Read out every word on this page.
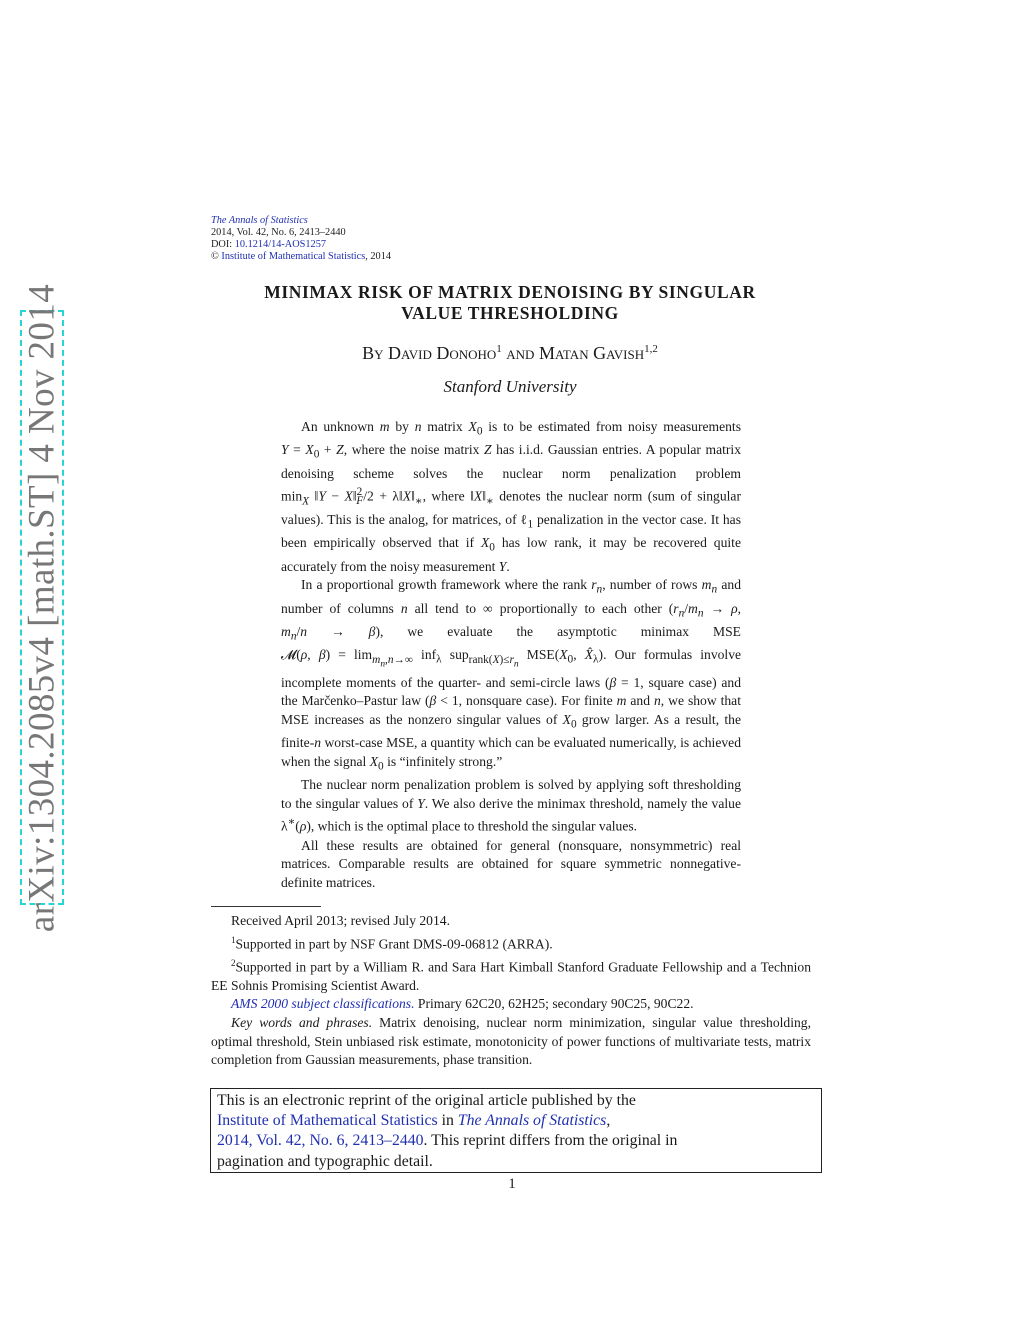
arXiv:1304.2085v4 [math.ST] 4 Nov 2014
The Annals of Statistics
2014, Vol. 42, No. 6, 2413–2440
DOI: 10.1214/14-AOS1257
© Institute of Mathematical Statistics, 2014
MINIMAX RISK OF MATRIX DENOISING BY SINGULAR
VALUE THRESHOLDING
By David Donoho$^1$ and Matan Gavish$^{1,2}$
Stanford University

An unknown m by n matrix $X_0$ is to be estimated from noisy measurements $Y = X_0 + Z$, where the noise matrix Z has i.i.d. Gaussian entries. A popular matrix denoising scheme solves the nuclear norm penalization problem $\min_X$ ‖Y − X‖$^2_F$/2 + $\lambda‖X‖_∗$, where $‖X‖_∗$ denotes the nuclear norm (sum of singular values). This is the analog, for matrices, of ℓ$_1$ penalization in the vector case. It has been empirically observed that if $X_0$ has low rank, it may be recovered quite accurately from the noisy measurement Y.

In a proportional growth framework where the rank $r_n$, number of rows $m_n$ and number of columns n all tend to ∞ proportionally to each other ($r_n/m_n \to \rho$, $m_n/n \to \beta$), we evaluate the asymptotic minimax MSE 𝓜(ρ, $\beta) = \lim_{m_n,n\to\infty} inf_\lambda$ sup$_{rank(X)\le r_n}$ $MSE(X_0$, $X̂_\lambda$). Our formulas involve incomplete moments of the quarter- and semi-circle laws (β = 1, square case) and the Marčenko–Pastur law (β < 1, nonsquare case). For finite m and n, we show that MSE increases as the nonzero singular values of $X_0$ grow larger. As a result, the finite-n worst-case MSE, a quantity which can be evaluated numerically, is achieved when the signal $X_0$ is “infinitely strong.”

The nuclear norm penalization problem is solved by applying soft thresholding to the singular values of Y. We also derive the minimax threshold, namely the value λ∗(ρ), which is the optimal place to threshold the singular values.

All these results are obtained for general (nonsquare, nonsymmetric) real matrices. Comparable results are obtained for square symmetric nonnegative-definite matrices.

Received April 2013; revised July 2014.

$^1$Supported in part by NSF Grant DMS-09-06812 (ARRA).

$^2$Supported in part by a William R. and Sara Hart Kimball Stanford Graduate Fellowship and a Technion EE Sohnis Promising Scientist Award.

AMS 2000 subject classifications. Primary 62C20, 62H25; secondary 90C25, 90C22.

Key words and phrases. Matrix denoising, nuclear norm minimization, singular value thresholding, optimal threshold, Stein unbiased risk estimate, monotonicity of power functions of multivariate tests, matrix completion from Gaussian measurements, phase transition.

This is an electronic reprint of the original article published by the
Institute of Mathematical Statistics in The Annals of Statistics,
2014, Vol. 42, No. 6, 2413–2440. This reprint differs from the original in
pagination and typographic detail.
1
